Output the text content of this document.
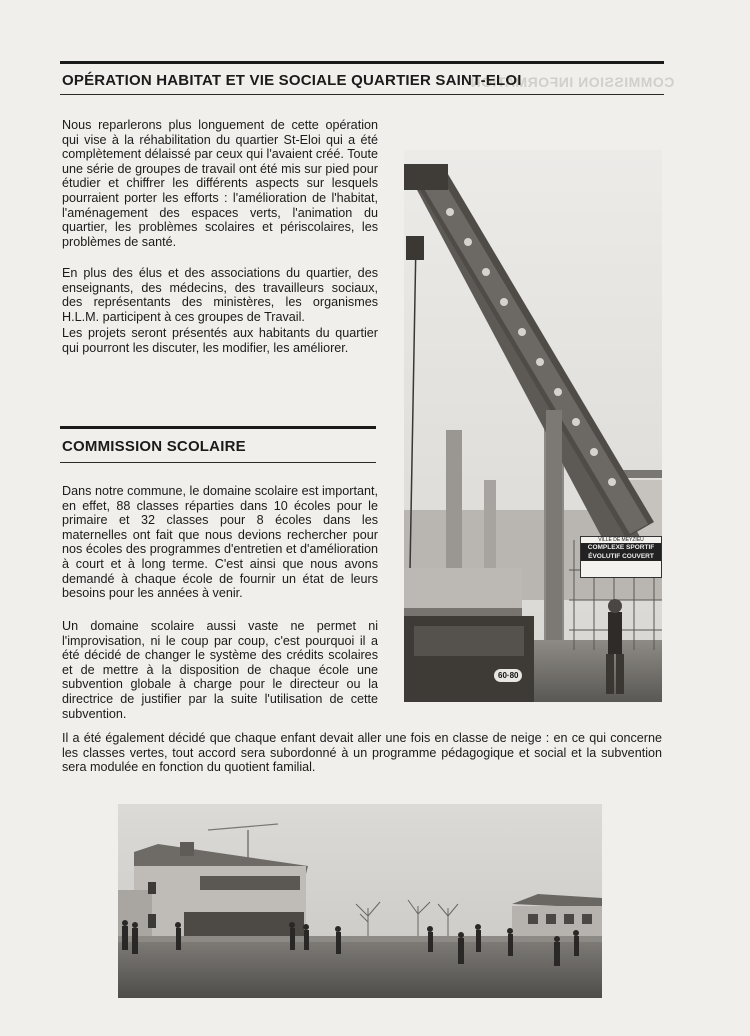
COMMISSION INFORMATION
OPÉRATION HABITAT ET VIE SOCIALE QUARTIER SAINT-ELOI

Nous reparlerons plus longuement de cette opération qui vise à la réhabilitation du quartier St-Eloi qui a été complètement délaissé par ceux qui l'avaient créé. Toute une série de groupes de travail ont été mis sur pied pour étudier et chiffrer les différents aspects sur lesquels pourraient porter les efforts : l'amélioration de l'habitat, l'aménagement des espaces verts, l'animation du quartier, les problèmes scolaires et périscolaires, les problèmes de santé.

En plus des élus et des associations du quartier, des enseignants, des médecins, des travailleurs sociaux, des représentants des ministères, les organismes H.L.M. participent à ces groupes de Travail.

Les projets seront présentés aux habitants du quartier qui pourront les discuter, les modifier, les améliorer.

COMMISSION SCOLAIRE

Dans notre commune, le domaine scolaire est important, en effet, 88 classes réparties dans 10 écoles pour le primaire et 32 classes pour 8 écoles dans les maternelles ont fait que nous devions rechercher pour nos écoles des programmes d'entretien et d'amélioration à court et à long terme. C'est ainsi que nous avons demandé à chaque école de fournir un état de leurs besoins pour les années à venir.

Un domaine scolaire aussi vaste ne permet ni l'improvisation, ni le coup par coup, c'est pourquoi il a été décidé de changer le système des crédits scolaires et de mettre à la disposition de chaque école une subvention globale à charge pour le directeur ou la directrice de justifier par la suite l'utilisation de cette subvention.

Il a été également décidé que chaque enfant devait aller une fois en classe de neige : en ce qui concerne les classes vertes, tout accord sera subordonné à un programme pédagogique et social et la subvention sera modulée en fonction du quotient familial.

VILLE DE MEYZIEU
COMPLEXE SPORTIF
ÉVOLUTIF COUVERT
60·80
